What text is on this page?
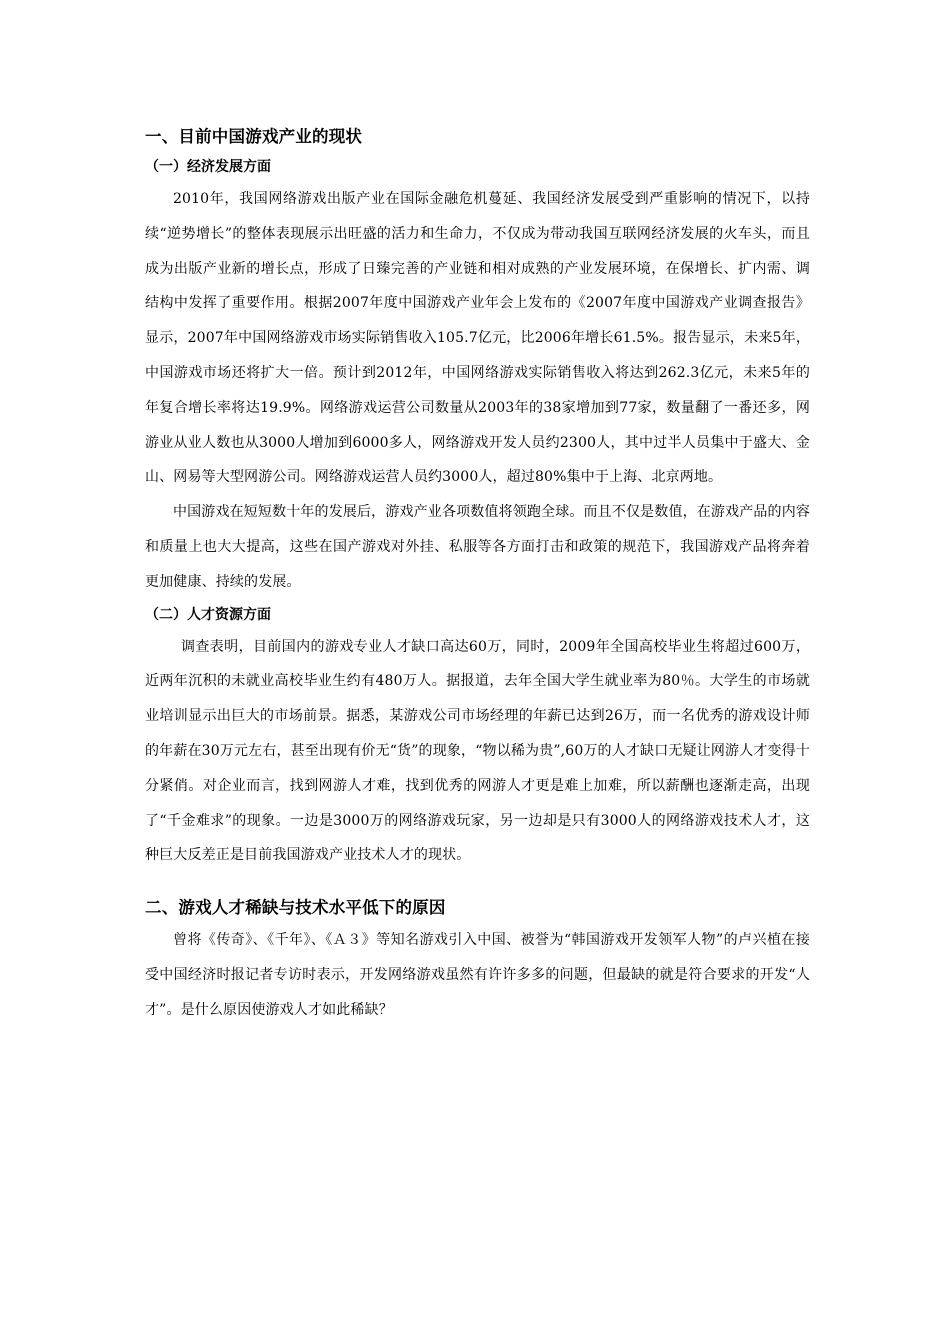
一、目前中国游戏产业的现状

（一）经济发展方面

2010年，我国网络游戏出版产业在国际金融危机蔓延、我国经济发展受到严重影响的情况下，以持续“逆势增长”的整体表现展示出旺盛的活力和生命力，不仅成为带动我国互联网经济发展的火车头，而且成为出版产业新的增长点，形成了日臻完善的产业链和相对成熟的产业发展环境，在保增长、扩内需、调结构中发挥了重要作用。根据2007年度中国游戏产业年会上发布的《2007年度中国游戏产业调查报告》显示，2007年中国网络游戏市场实际销售收入105.7亿元，比2006年增长61.5%。报告显示，未来5年，中国游戏市场还将扩大一倍。预计到2012年，中国网络游戏实际销售收入将达到262.3亿元，未来5年的年复合增长率将达19.9%。网络游戏运营公司数量从2003年的38家增加到77家，数量翻了一番还多，网游业从业人数也从3000人增加到6000多人，网络游戏开发人员约2300人，其中过半人员集中于盛大、金山、网易等大型网游公司。网络游戏运营人员约3000人，超过80%集中于上海、北京两地。

中国游戏在短短数十年的发展后，游戏产业各项数值将领跑全球。而且不仅是数值，在游戏产品的内容和质量上也大大提高，这些在国产游戏对外挂、私服等各方面打击和政策的规范下，我国游戏产品将奔着更加健康、持续的发展。

（二）人才资源方面

调查表明，目前国内的游戏专业人才缺口高达60万，同时，2009年全国高校毕业生将超过600万，近两年沉积的未就业高校毕业生约有480万人。据报道，去年全国大学生就业率为80％。大学生的市场就业培训显示出巨大的市场前景。据悉，某游戏公司市场经理的年薪已达到26万，而一名优秀的游戏设计师的年薪在30万元左右，甚至出现有价无“货”的现象，“物以稀为贵”,60万的人才缺口无疑让网游人才变得十分紧俏。对企业而言，找到网游人才难，找到优秀的网游人才更是难上加难，所以薪酬也逐渐走高，出现了“千金难求”的现象。一边是3000万的网络游戏玩家，另一边却是只有3000人的网络游戏技术人才，这种巨大反差正是目前我国游戏产业技术人才的现状。

二、游戏人才稀缺与技术水平低下的原因

曾将《传奇》、《千年》、《Ａ３》等知名游戏引入中国、被誉为“韩国游戏开发领军人物”的卢兴植在接受中国经济时报记者专访时表示，开发网络游戏虽然有许许多多的问题，但最缺的就是符合要求的开发“人才”。是什么原因使游戏人才如此稀缺？
